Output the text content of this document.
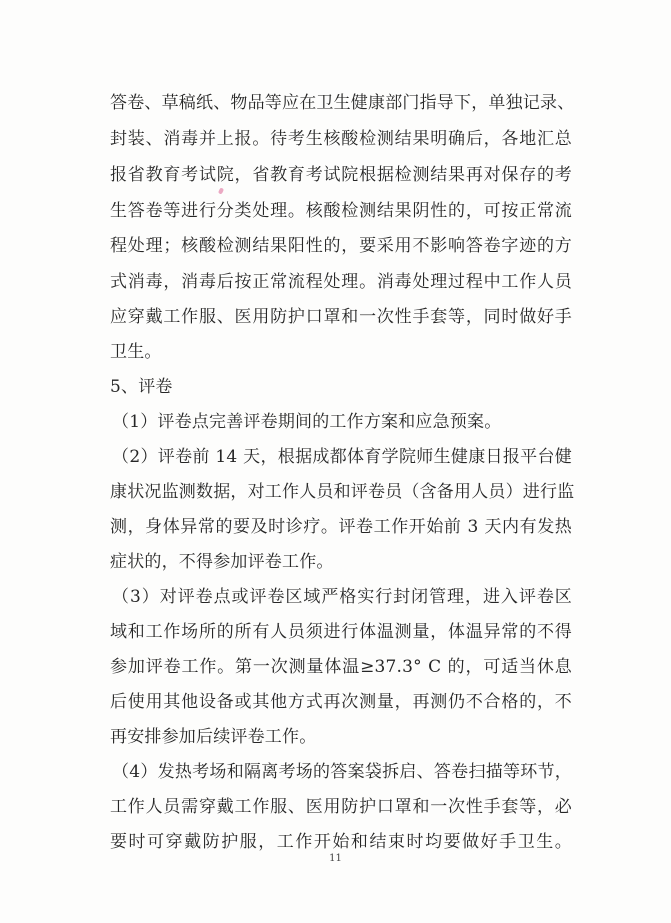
答卷、草稿纸、物品等应在卫生健康部门指导下，单独记录、
封装、消毒并上报。待考生核酸检测结果明确后，各地汇总
报省教育考试院，省教育考试院根据检测结果再对保存的考
生答卷等进行分类处理。核酸检测结果阴性的，可按正常流
程处理；核酸检测结果阳性的，要采用不影响答卷字迹的方
式消毒，消毒后按正常流程处理。消毒处理过程中工作人员
应穿戴工作服、医用防护口罩和一次性手套等，同时做好手
卫生。
5、评卷
（1）评卷点完善评卷期间的工作方案和应急预案。
（2）评卷前 14 天，根据成都体育学院师生健康日报平台健
康状况监测数据，对工作人员和评卷员（含备用人员）进行监
测，身体异常的要及时诊疗。评卷工作开始前 3 天内有发热
症状的，不得参加评卷工作。
（3）对评卷点或评卷区域严格实行封闭管理，进入评卷区
域和工作场所的所有人员须进行体温测量，体温异常的不得
参加评卷工作。第一次测量体温≥37.3° C 的，可适当休息
后使用其他设备或其他方式再次测量，再测仍不合格的，不
再安排参加后续评卷工作。
（4）发热考场和隔离考场的答案袋拆启、答卷扫描等环节，
工作人员需穿戴工作服、医用防护口罩和一次性手套等，必
要时可穿戴防护服，工作开始和结束时均要做好手卫生。
11
